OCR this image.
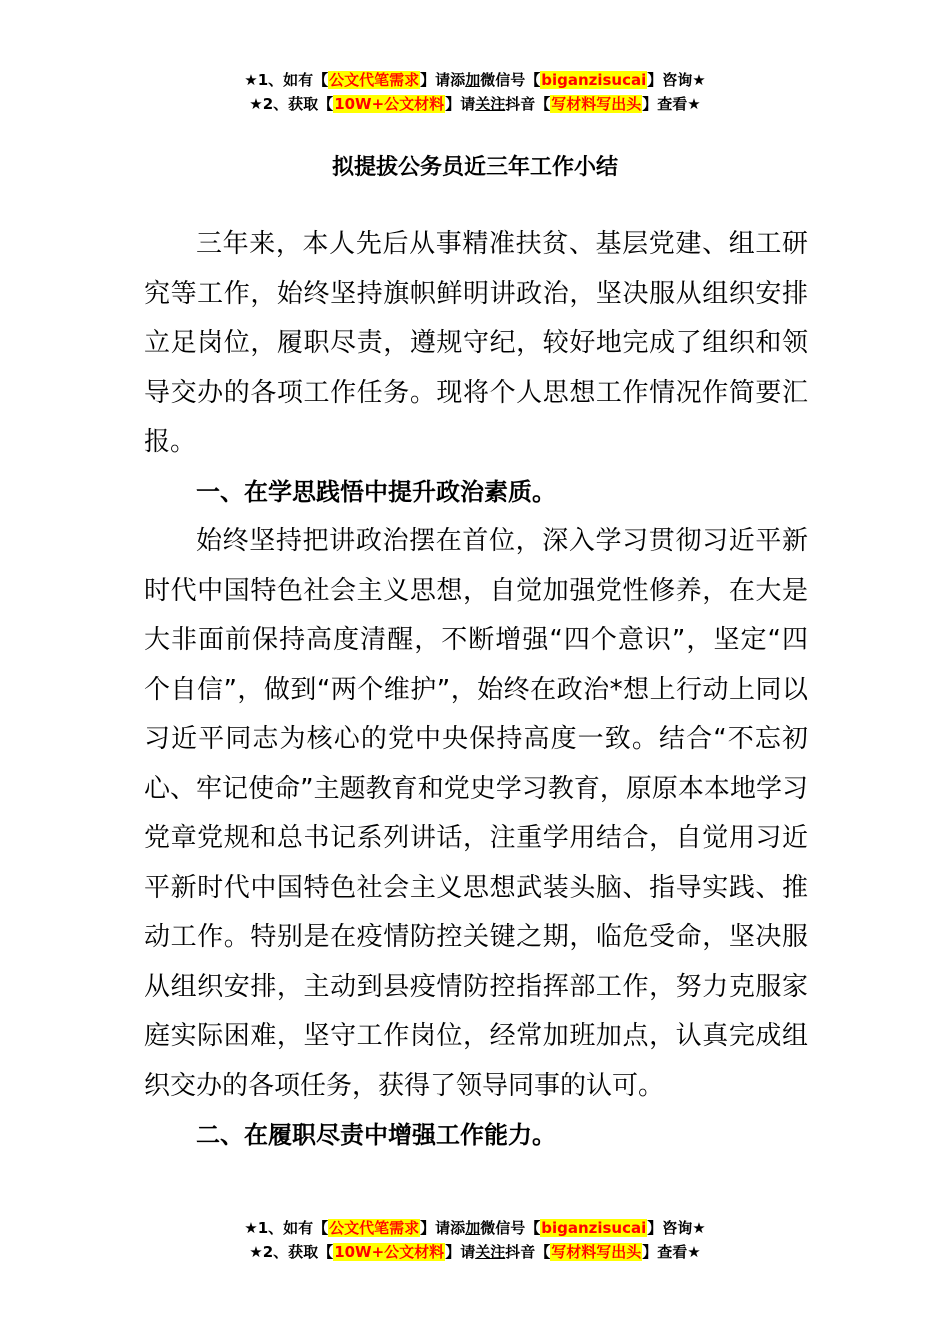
★1、如有【公文代笔需求】请添加微信号【biganzisucai】咨询★
★2、获取【10W+公文材料】请关注抖音【写材料写出头】查看★
拟提拔公务员近三年工作小结

三年来，本人先后从事精准扶贫、基层党建、组工研究等工作，始终坚持旗帜鲜明讲政治，坚决服从组织安排立足岗位，履职尽责，遵规守纪，较好地完成了组织和领导交办的各项工作任务。现将个人思想工作情况作简要汇报。

一、在学思践悟中提升政治素质。

始终坚持把讲政治摆在首位，深入学习贯彻习近平新时代中国特色社会主义思想，自觉加强党性修养，在大是大非面前保持高度清醒，不断增强“四个意识”，坚定“四个自信”，做到“两个维护”，始终在政治*想上行动上同以习近平同志为核心的党中央保持高度一致。结合“不忘初心、牢记使命”主题教育和党史学习教育，原原本本地学习党章党规和总书记系列讲话，注重学用结合，自觉用习近平新时代中国特色社会主义思想武装头脑、指导实践、推动工作。特别是在疫情防控关键之期，临危受命，坚决服从组织安排，主动到县疫情防控指挥部工作，努力克服家庭实际困难，坚守工作岗位，经常加班加点，认真完成组织交办的各项任务，获得了领导同事的认可。

二、在履职尽责中增强工作能力。

★1、如有【公文代笔需求】请添加微信号【biganzisucai】咨询★
★2、获取【10W+公文材料】请关注抖音【写材料写出头】查看★
